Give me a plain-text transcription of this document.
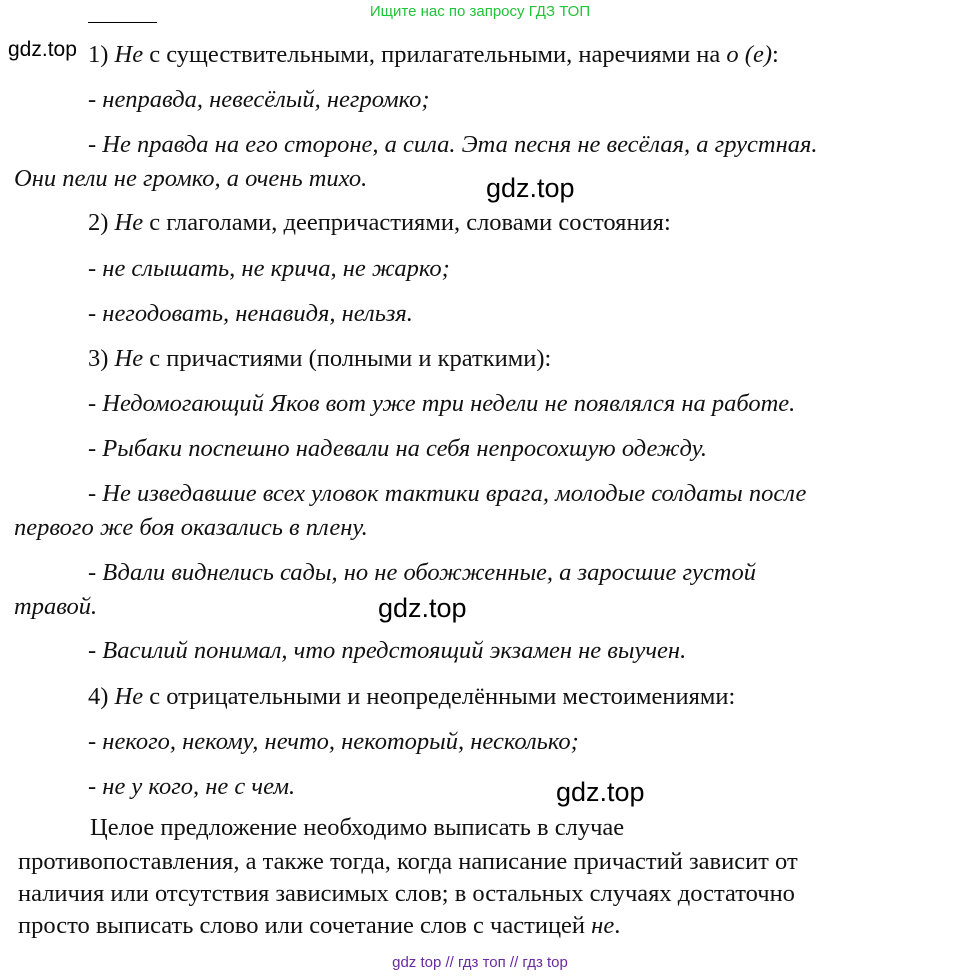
Ищите нас по запросу ГДЗ ТОП
gdz.top
gdz.top
gdz.top
gdz.top
1) Не с существительными, прилагательными, наречиями на о (е):
- неправда, невесёлый, негромко;
- Не правда на его стороне, а сила. Эта песня не весёлая, а грустная.
Они пели не громко, а очень тихо.
2) Не с глаголами, деепричастиями, словами состояния:
- не слышать, не крича, не жарко;
- негодовать, ненавидя, нельзя.
3) Не с причастиями (полными и краткими):
- Недомогающий Яков вот уже три недели не появлялся на работе.
- Рыбаки поспешно надевали на себя непросохшую одежду.
- Не изведавшие всех уловок тактики врага, молодые солдаты после
первого же боя оказались в плену.
- Вдали виднелись сады, но не обожженные, а заросшие густой
травой.
- Василий понимал, что предстоящий экзамен не выучен.
4) Не с отрицательными и неопределёнными местоимениями:
- некого, некому, нечто, некоторый, несколько;
- не у кого, не с чем.
Целое предложение необходимо выписать в случае
противопоставления, а также тогда, когда написание причастий зависит от
наличия или отсутствия зависимых слов; в остальных случаях достаточно
просто выписать слово или сочетание слов с частицей не.
gdz top // гдз топ // гдз top
